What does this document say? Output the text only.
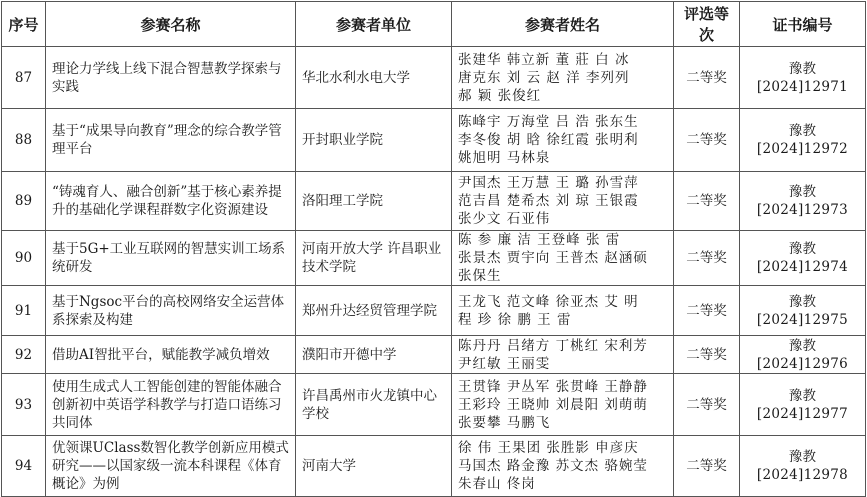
序号	参赛名称	参赛者单位	参赛者姓名	评选等次	证书编号
87	理论力学线上线下混合智慧教学探索与实践	华北水利水电大学	张建华 韩立新 董 莊 白 冰
唐克东 刘 云 赵 洋 李列列
郝 颖 张俊红	二等奖	豫教[2024]12971
88	基于“成果导向教育”理念的综合教学管理平台	开封职业学院	陈峰宇 万海堂 吕 浩 张东生
李冬俊 胡 晗 徐红霞 张明利
姚旭明 马林泉	二等奖	豫教[2024]12972
89	“铸魂育人、融合创新”基于核心素养提升的基础化学课程群数字化资源建设	洛阳理工学院	尹国杰 王万慧 王 璐 孙雪萍
范吉昌 楚希杰 刘 琼 王银霞
张少文 石亚伟	二等奖	豫教[2024]12973
90	基于5G+工业互联网的智慧实训工场系统研发	河南开放大学 许昌职业技术学院	陈 参 廉 洁 王登峰 张 雷
张景杰 贾宇向 王普杰 赵涵硕
张保生	二等奖	豫教[2024]12974
91	基于Ngsoc平台的高校网络安全运营体系探索及构建	郑州升达经贸管理学院	王龙飞 范文峰 徐亚杰 艾 明
程 珍 徐 鹏 王 雷	二等奖	豫教[2024]12975
92	借助AI智批平台，赋能教学减负增效	濮阳市开德中学	陈丹丹 吕绪方 丁桃红 宋利芳
尹红敏 王丽雯	二等奖	豫教[2024]12976
93	使用生成式人工智能创建的智能体融合创新初中英语学科教学与打造口语练习共同体	许昌禹州市火龙镇中心学校	王贯锋 尹丛军 张贯峰 王静静
王彩玲 王晓帅 刘晨阳 刘萌萌
张要攀 马鹏飞	二等奖	豫教[2024]12977
94	优领课UClass数智化教学创新应用模式研究——以国家级一流本科课程《体育概论》为例	河南大学	徐 伟 王果团 张胜影 申彦庆
马国杰 路金豫 苏文杰 骆婉莹
朱春山 佟岗	二等奖	豫教[2024]12978
